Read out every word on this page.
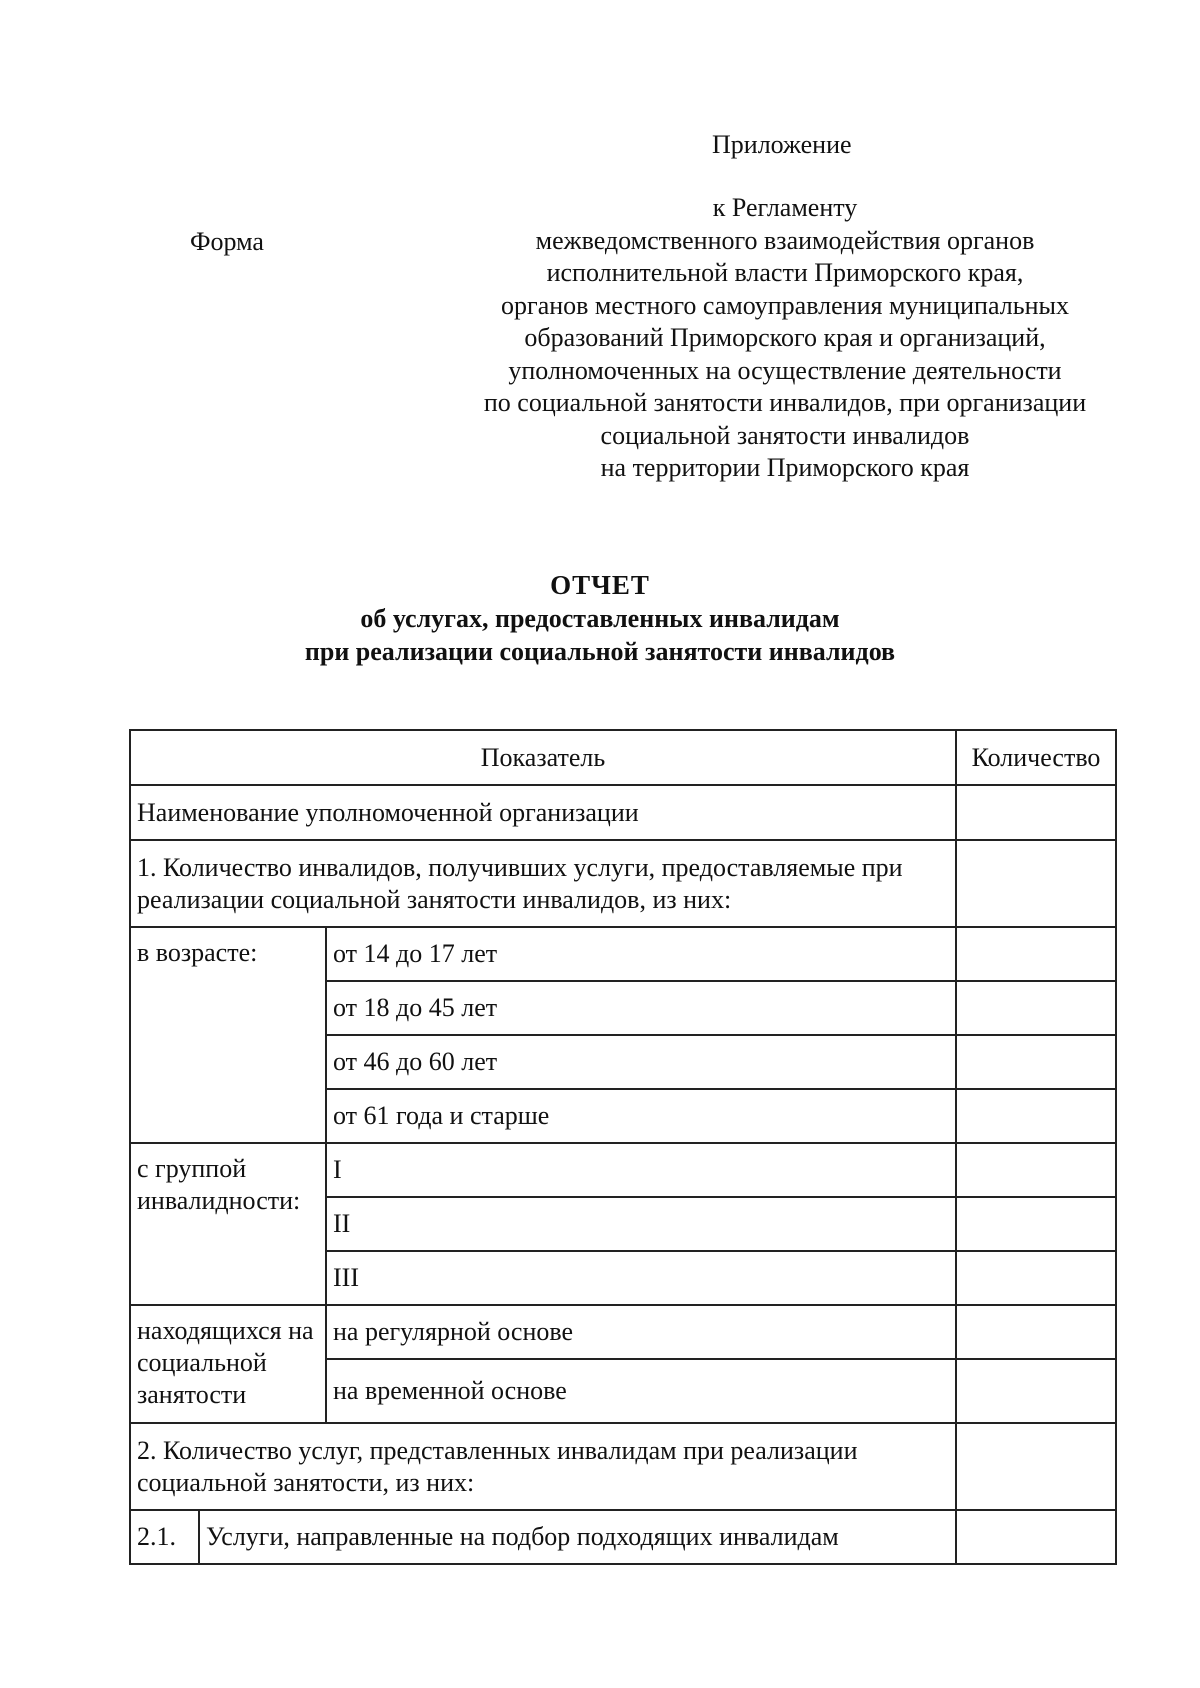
Приложение
Форма
к Регламенту
межведомственного взаимодействия органов
исполнительной власти Приморского края,
органов местного самоуправления муниципальных
образований Приморского края и организаций,
уполномоченных на осуществление деятельности
по социальной занятости инвалидов, при организации
социальной занятости инвалидов
на территории Приморского края
ОТЧЕТ
об услугах, предоставленных инвалидам
при реализации социальной занятости инвалидов
Показатель			Количество
Наименование уполномоченной организации			
1. Количество инвалидов, получивших услуги, предоставляемые при реализации социальной занятости инвалидов, из них:			
в возрасте:		от 14 до 17 лет	
		от 18 до 45 лет	
		от 46 до 60 лет	
		от 61 года и старше	
с группой инвалидности:		I	
		II	
		III	
находящихся на социальной занятости		на регулярной основе	
		на временной основе	
2. Количество услуг, представленных инвалидам при реализации социальной занятости, из них:			
2.1.	Услуги, направленные на подбор подходящих инвалидам		
